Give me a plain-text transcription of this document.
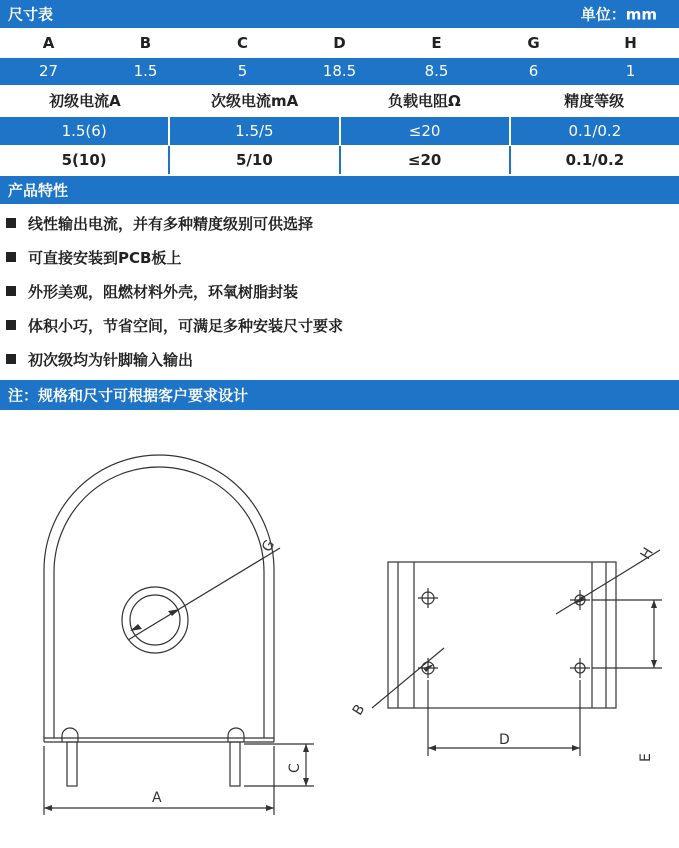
尺寸表	单位：mm
A	B	C	D	E	G	H
27	1.5	5	18.5	8.5	6	1
初级电流A	次级电流mA	负载电阻Ω	精度等级
1.5(6)	1.5/5	≤20	0.1/0.2
5(10)	5/10	≤20	0.1/0.2
产品特性
线性输出电流，并有多种精度级别可供选择
可直接安装到PCB板上
外形美观，阻燃材料外壳，环氧树脂封装
体积小巧，节省空间，可满足多种安装尺寸要求
初次级均为针脚输入输出
注：规格和尺寸可根据客户要求设计
A
C
G
B
H
D
E
